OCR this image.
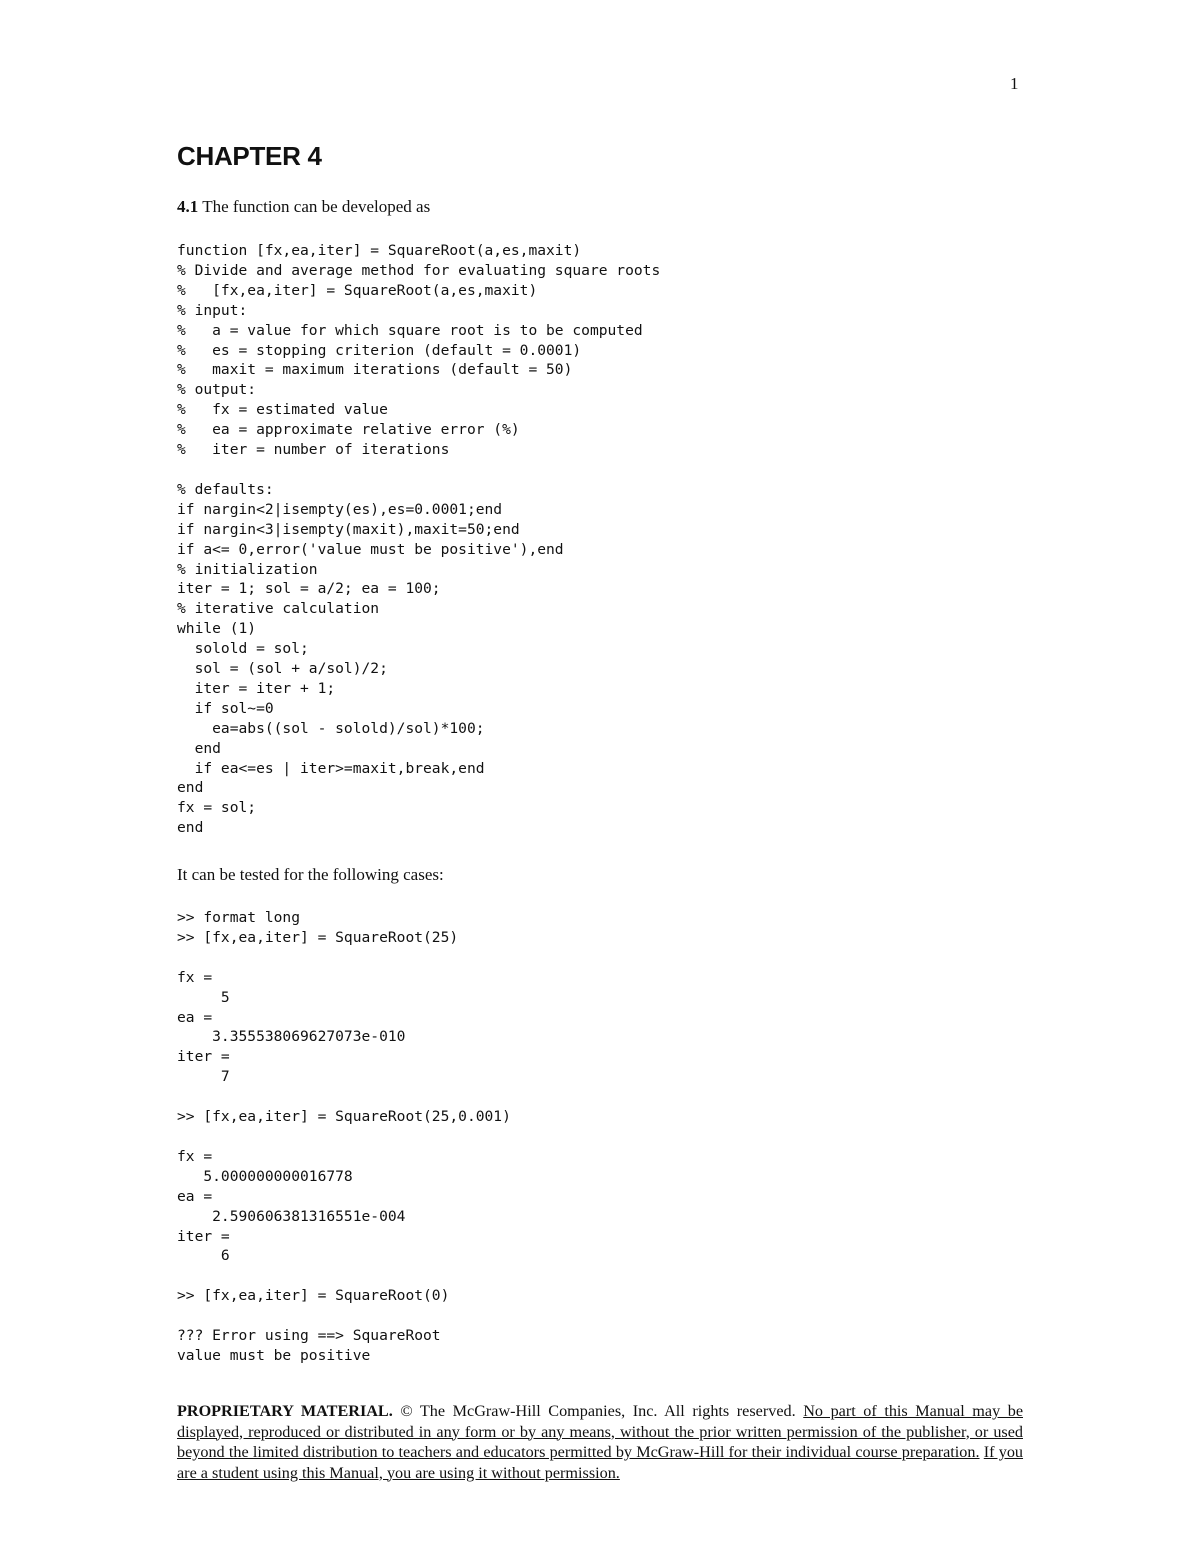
1
CHAPTER 4
4.1 The function can be developed as
function [fx,ea,iter] = SquareRoot(a,es,maxit)
% Divide and average method for evaluating square roots
%   [fx,ea,iter] = SquareRoot(a,es,maxit)
% input:
%   a = value for which square root is to be computed
%   es = stopping criterion (default = 0.0001)
%   maxit = maximum iterations (default = 50)
% output:
%   fx = estimated value
%   ea = approximate relative error (%)
%   iter = number of iterations

% defaults:
if nargin<2|isempty(es),es=0.0001;end
if nargin<3|isempty(maxit),maxit=50;end
if a<= 0,error('value must be positive'),end
% initialization
iter = 1; sol = a/2; ea = 100;
% iterative calculation
while (1)
solold = sol;
sol = (sol + a/sol)/2;
iter = iter + 1;
if sol~=0
ea=abs((sol - solold)/sol)*100;
end
if ea<=es | iter>=maxit,break,end
end
fx = sol;
end

It can be tested for the following cases:
>> format long
>> [fx,ea,iter] = SquareRoot(25)

fx =
5
ea =
3.355538069627073e-010
iter =
7

>> [fx,ea,iter] = SquareRoot(25,0.001)

fx =
5.000000000016778
ea =
2.590606381316551e-004
iter =
6

>> [fx,ea,iter] = SquareRoot(0)

??? Error using ==> SquareRoot
value must be positive

PROPRIETARY MATERIAL. © The McGraw-Hill Companies, Inc. All rights reserved. No part of this Manual may be displayed, reproduced or distributed in any form or by any means, without the prior written permission of the publisher, or used beyond the limited distribution to teachers and educators permitted by McGraw-Hill for their individual course preparation. If you are a student using this Manual, you are using it without permission.
